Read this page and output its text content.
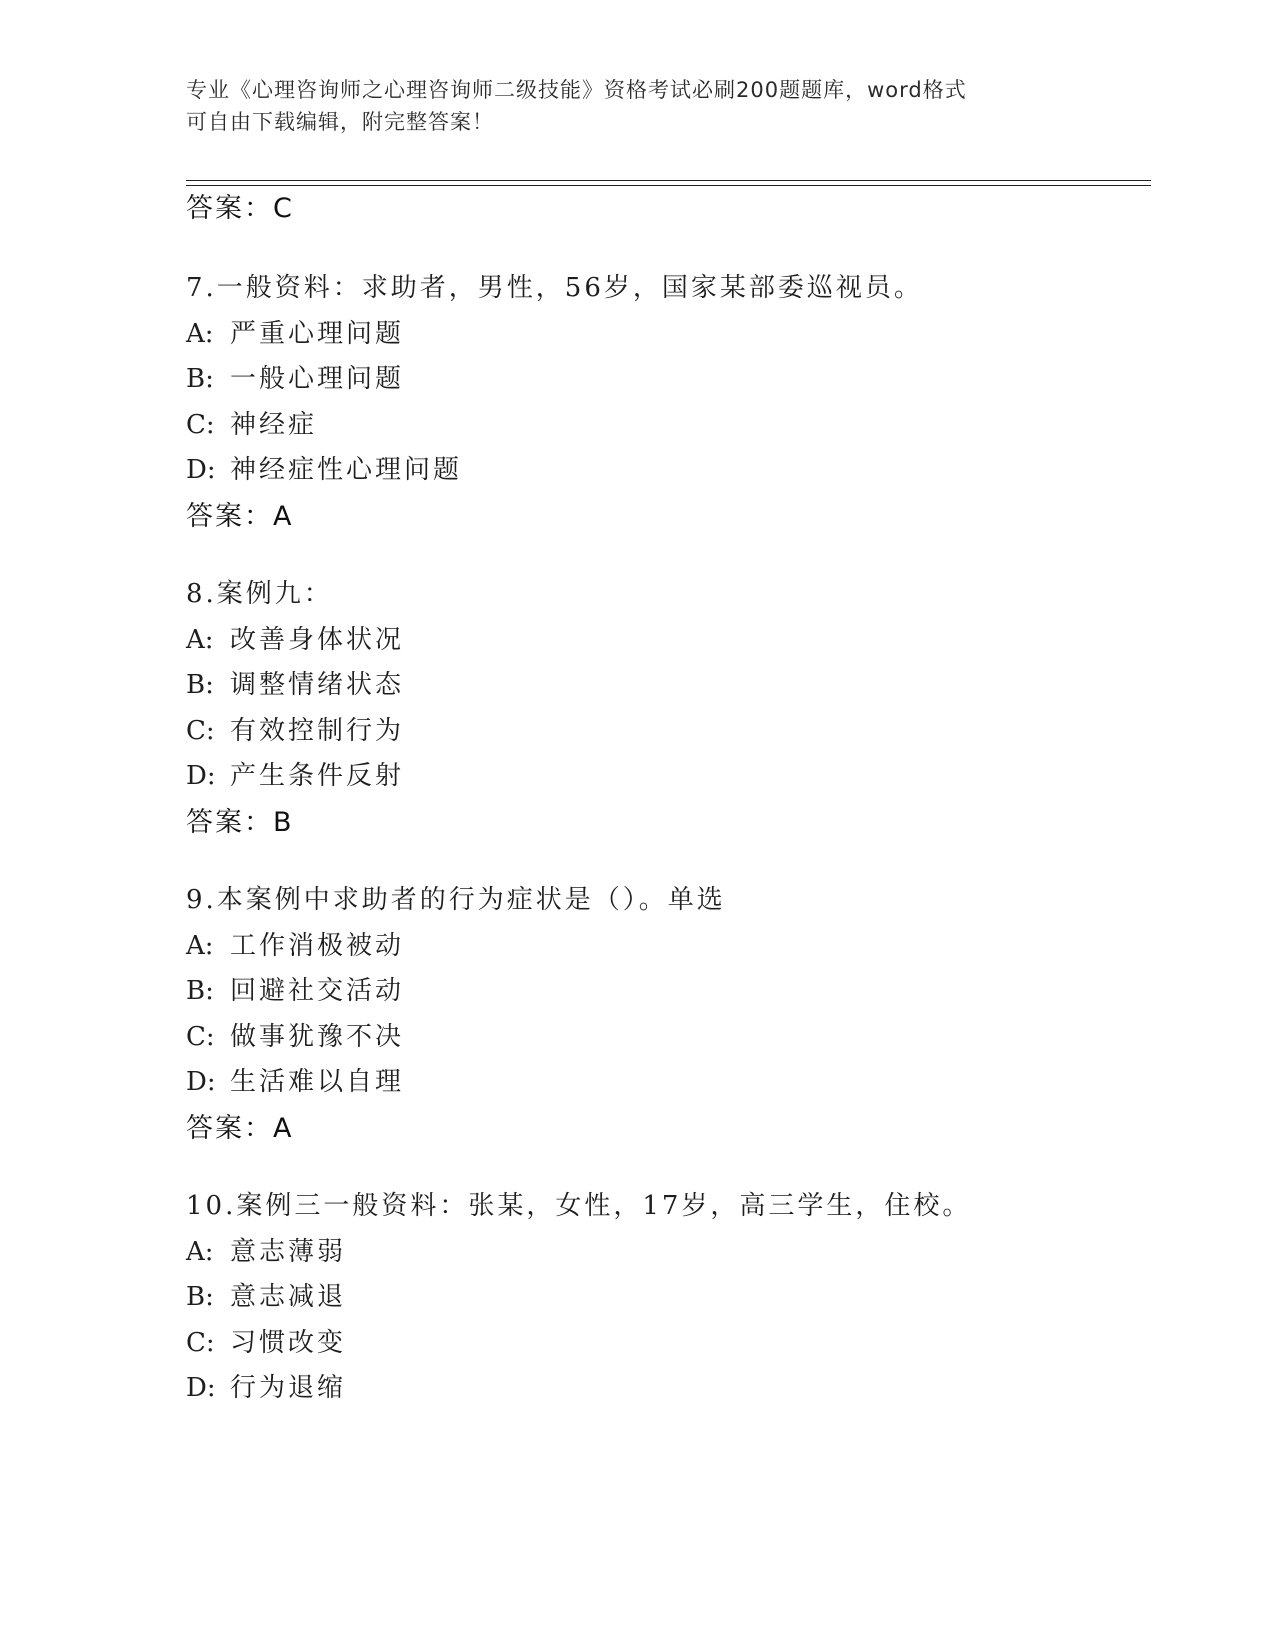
专业《心理咨询师之心理咨询师二级技能》资格考试必刷200题题库，word格式
可自由下载编辑，附完整答案！
答案：C
7.一般资料：求助者，男性，56岁，国家某部委巡视员。
A: 严重心理问题
B: 一般心理问题
C: 神经症
D: 神经症性心理问题
答案：A
8.案例九：
A: 改善身体状况
B: 调整情绪状态
C: 有效控制行为
D: 产生条件反射
答案：B
9.本案例中求助者的行为症状是（）。单选
A: 工作消极被动
B: 回避社交活动
C: 做事犹豫不决
D: 生活难以自理
答案：A
10.案例三一般资料：张某，女性，17岁，高三学生，住校。
A: 意志薄弱
B: 意志减退
C: 习惯改变
D: 行为退缩
